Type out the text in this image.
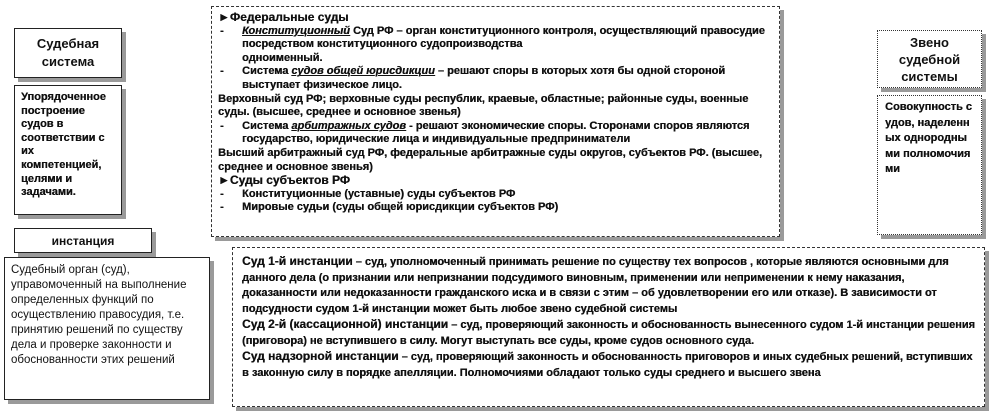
Судебная система
Упорядоченное построение судов в соответствии с их компетенцией, целями и задачами.

►Федеральные суды

- Конституционный Суд РФ – орган конституционного контроля, осуществляющий правосудие посредством конституционного судопроизводства
одноименный.
- Система судов общей юрисдикции – решают споры в которых хотя бы одной стороной выступает физическое лицо.

Верховный суд РФ; верховные суды республик, краевые, областные; районные суды, военные суды. (высшее, среднее и основное звенья)

- Система арбитражных судов - решают экономические споры. Сторонами споров являются государство, юридические лица и индивидуальные предприниматели

Высший арбитражный суд РФ, федеральные арбитражные суды округов, субъектов РФ. (высшее, среднее и основное звенья)

►Суды субъектов РФ

- Конституционные (уставные) суды субъектов РФ
- Мировые судьи (суды общей юрисдикции субъектов РФ)
Звено судебной системы
Совокупность судов, наделенных однородными полномочиями
инстанция
Судебный орган (суд), управомоченный на выполнение определенных функций по осуществлению правосудия, т.е. принятию решений по существу дела и проверке законности и обоснованности этих решений

Суд 1-й инстанции – суд, уполномоченный принимать решение по существу тех вопросов , которые являются основными для данного дела (о признании или непризнании подсудимого виновным, применении или неприменении к нему наказания, доказанности или недоказанности гражданского иска и в связи с этим – об удовлетворении его или отказе). В зависимости от подсудности судом 1-й инстанции может быть любое звено судебной системы

Суд 2-й (кассационной) инстанции – суд, проверяющий законность и обоснованность вынесенного судом 1-й инстанции решения (приговора) не вступившего в силу. Могут выступать все суды, кроме судов основного суда.

Суд надзорной инстанции – суд, проверяющий законность и обоснованность приговоров и иных судебных решений, вступивших в законную силу в порядке апелляции. Полномочиями обладают только суды среднего и высшего звена
